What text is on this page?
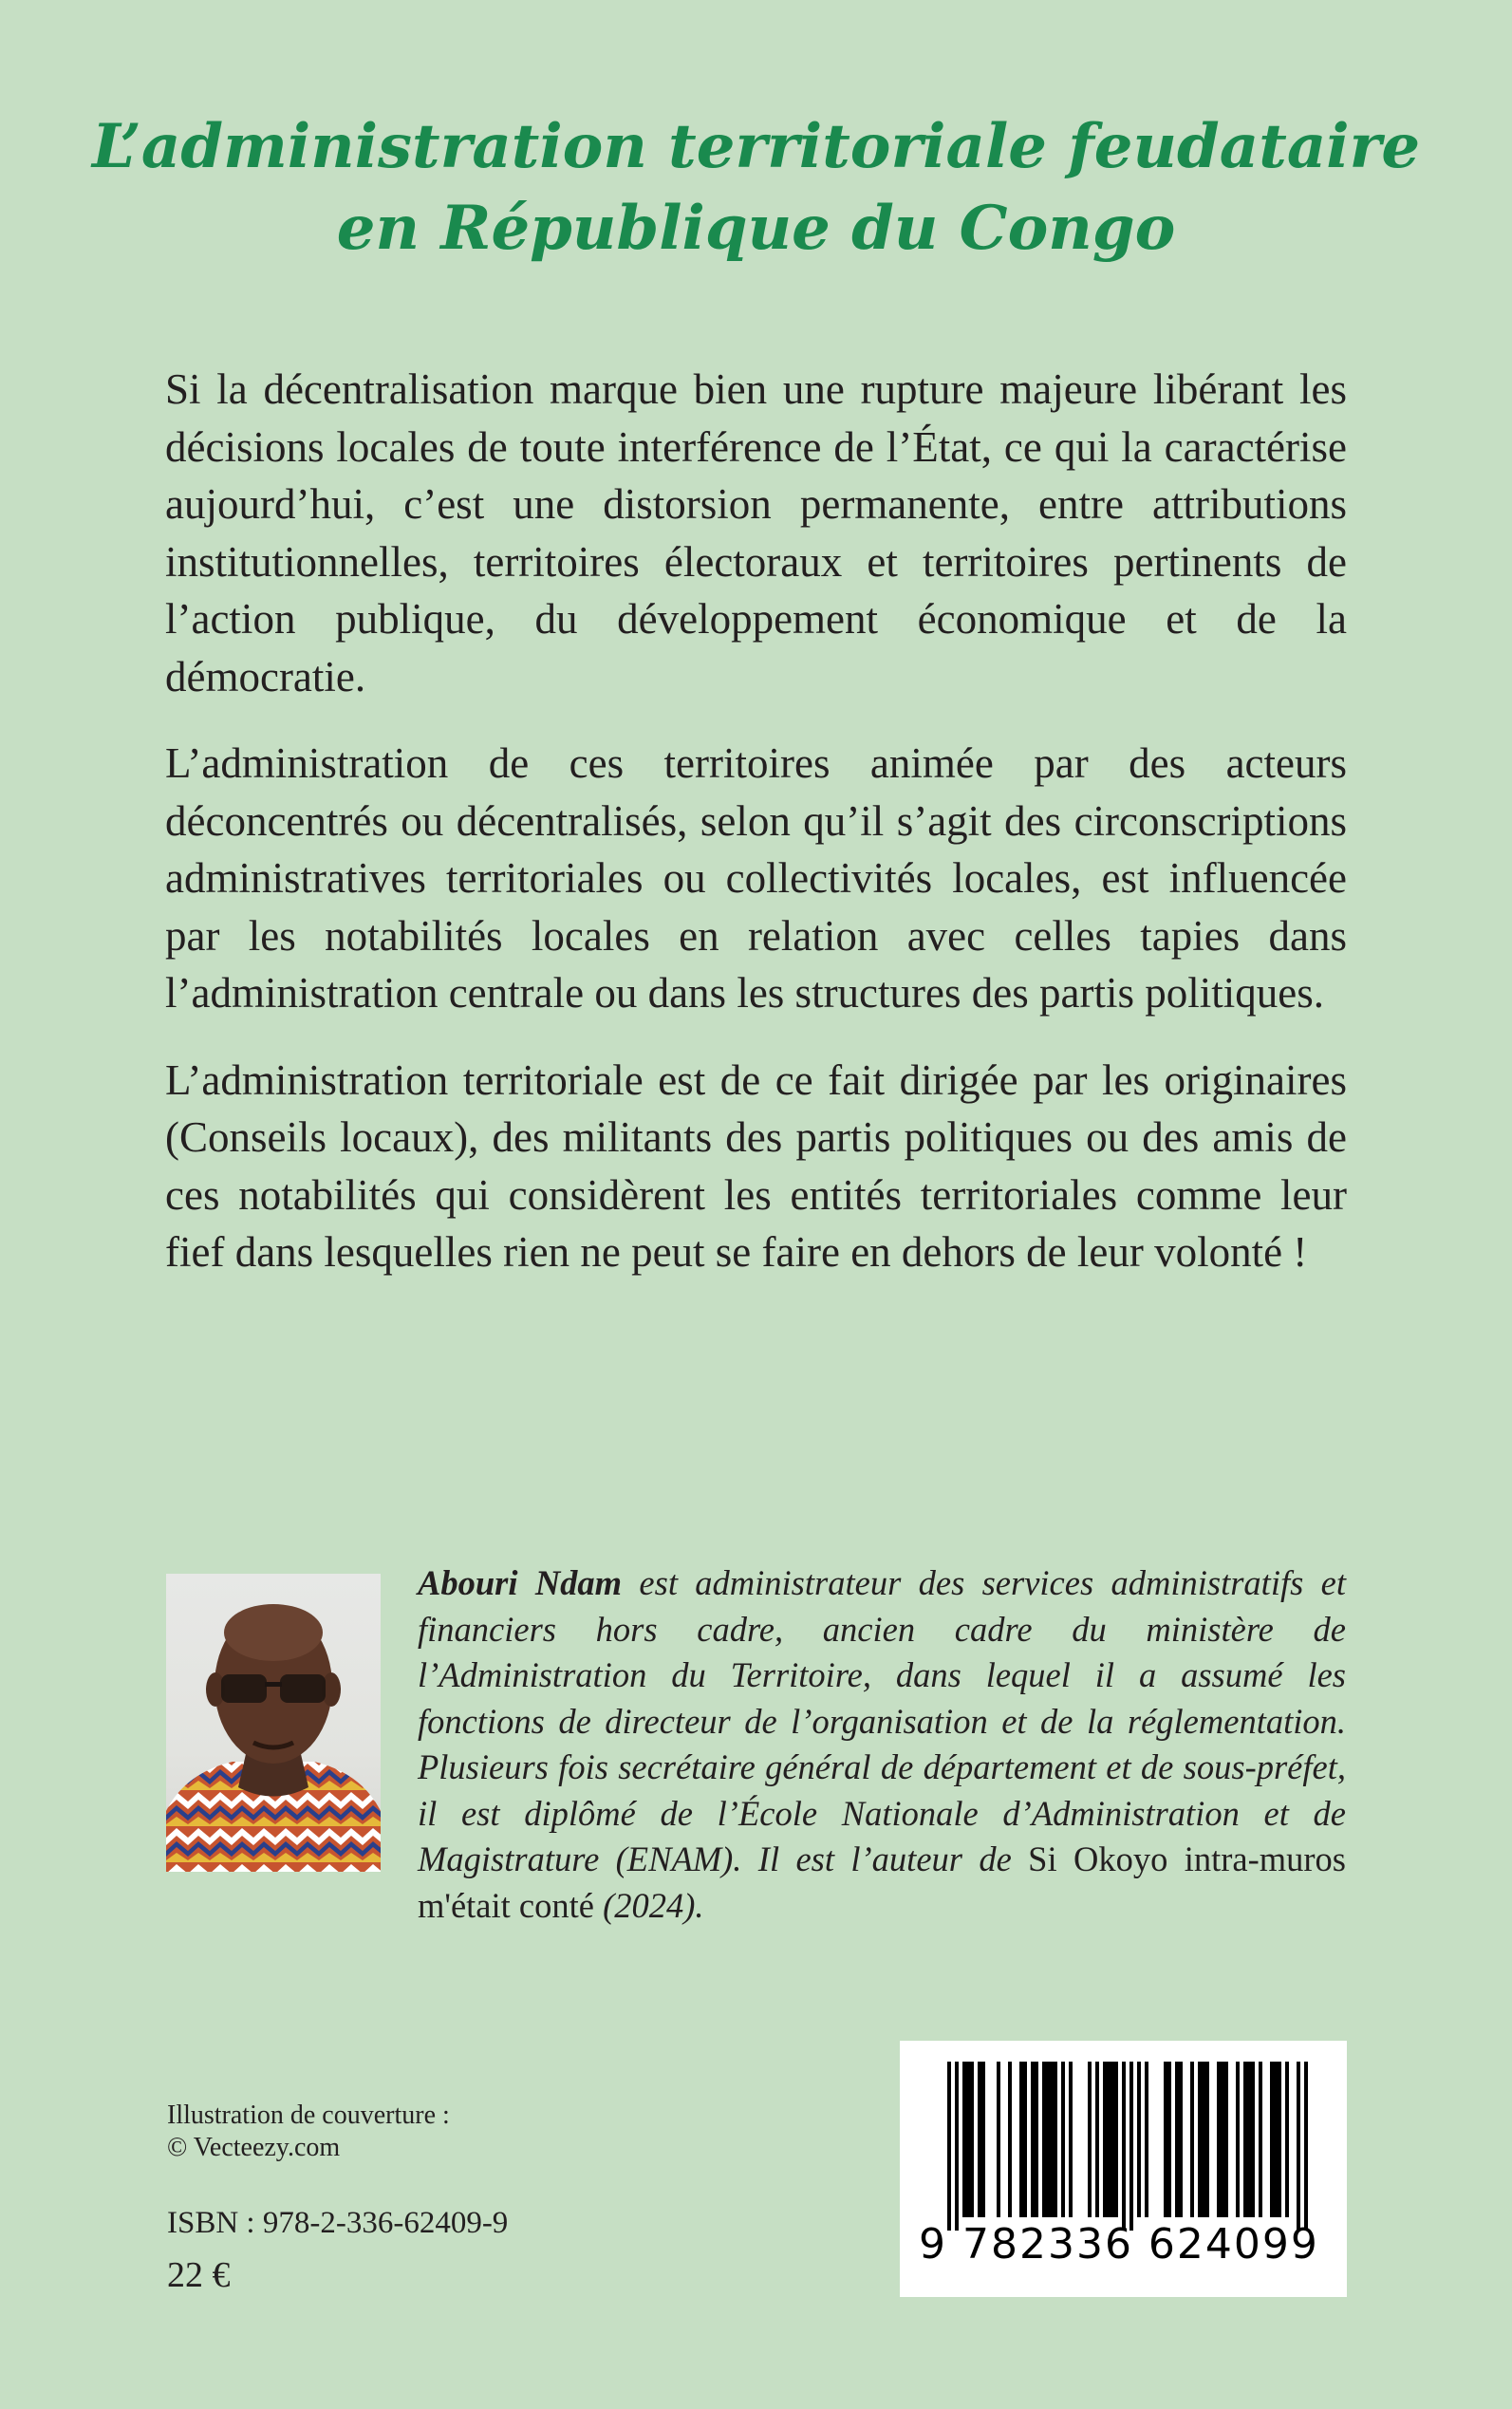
L’administration territoriale feudataire
en République du Congo

Si la décentralisation marque bien une rupture majeure libérant les décisions locales de toute interférence de l’État, ce qui la caractérise aujourd’hui, c’est une distorsion permanente, entre attributions institutionnelles, territoires électoraux et territoires pertinents de l’action publique, du développement économique et de la démocratie.

L’administration de ces territoires animée par des acteurs déconcentrés ou décentralisés, selon qu’il s’agit des circonscriptions administratives territoriales ou collectivités locales, est influencée par les notabilités locales en relation avec celles tapies dans l’administration centrale ou dans les structures des partis politiques.

L’administration territoriale est de ce fait dirigée par les originaires (Conseils locaux), des militants des partis politiques ou des amis de ces notabilités qui considèrent les entités territoriales comme leur fief dans lesquelles rien ne peut se faire en dehors de leur volonté !

Abouri Ndam est administrateur des services administratifs et financiers hors cadre, ancien cadre du ministère de l’Administration du Territoire, dans lequel il a assumé les fonctions de directeur de l’organisation et de la réglementation. Plusieurs fois secrétaire général de département et de sous-préfet, il est diplômé de l’École Nationale d’Administration et de Magistrature (ENAM). Il est l’auteur de Si Okoyo intra-muros m'était conté (2024).
Illustration de couverture :
© Vecteezy.com
ISBN : 978-2-336-62409-9
22 €
9 782336 624099
